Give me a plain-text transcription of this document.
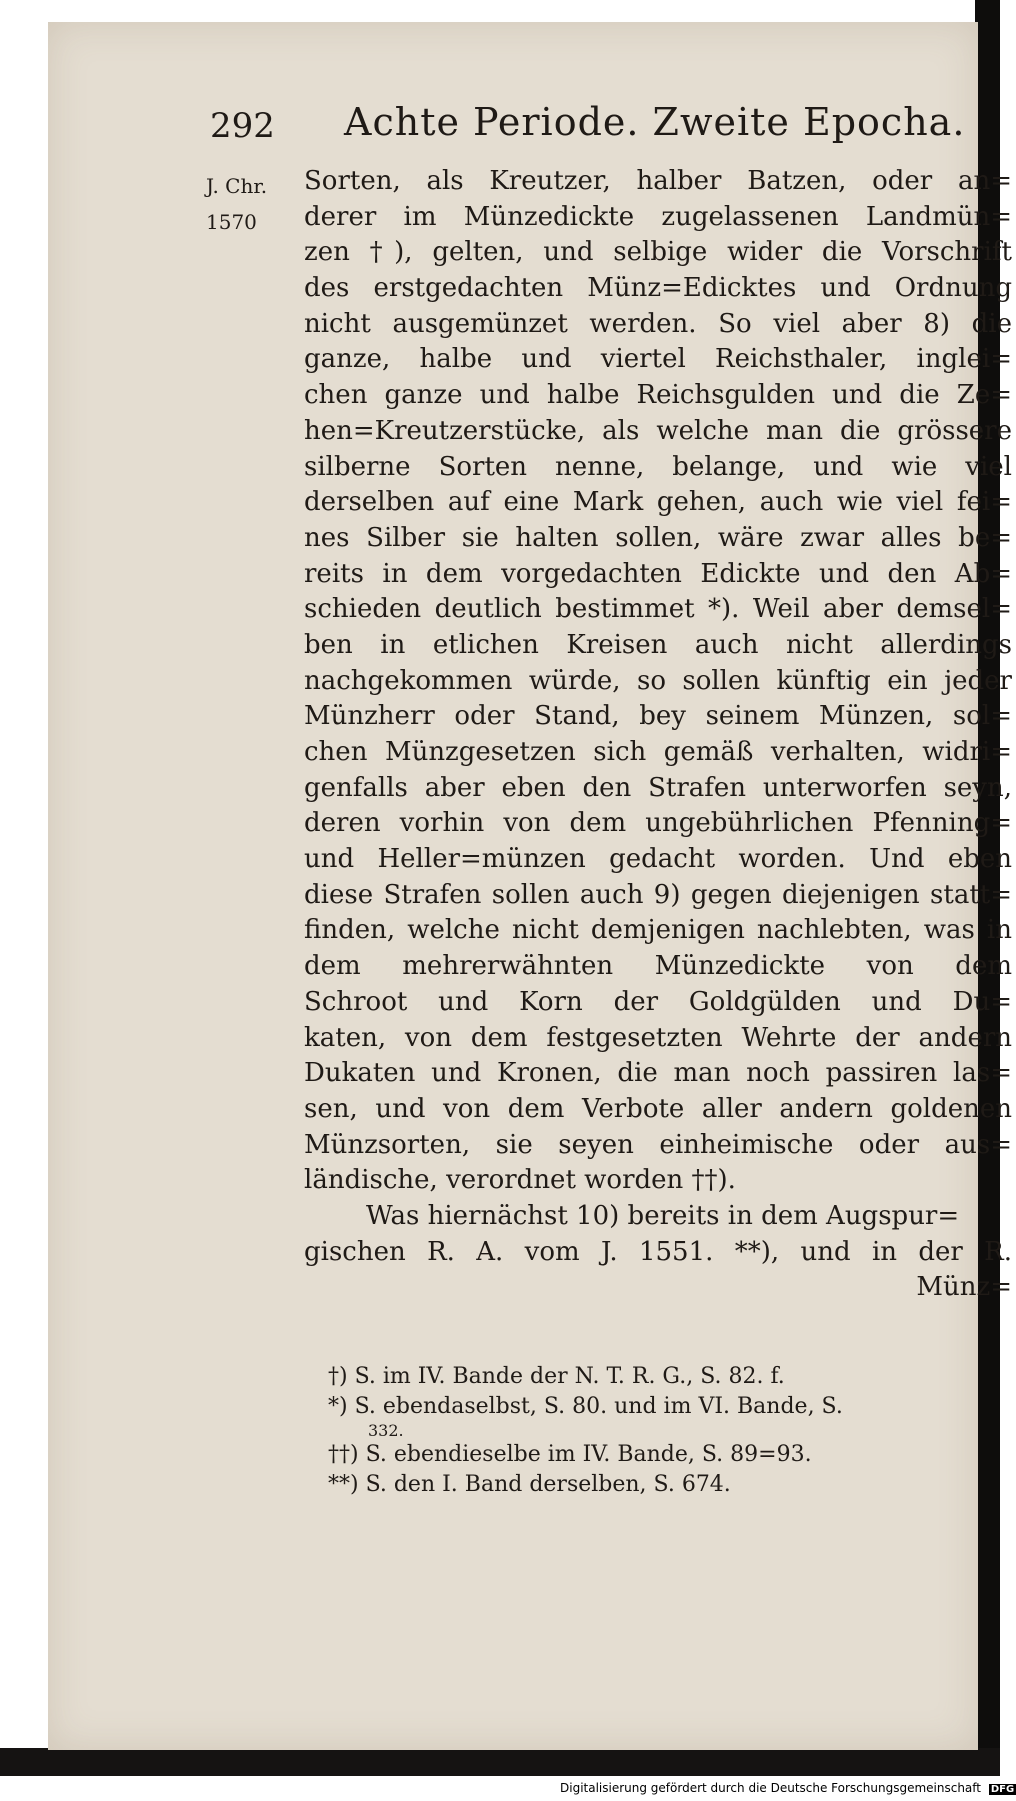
292 Achte Periode. Zweite Epocha.
J. Chr.
1570
Sorten, als Kreutzer, halber Batzen, oder an=
derer im Münzedickte zugelassenen Landmün=
zen †), gelten, und selbige wider die Vorschrift
des erstgedachten Münz=Edicktes und Ordnung
nicht ausgemünzet werden. So viel aber 8) die
ganze, halbe und viertel Reichsthaler, inglei=
chen ganze und halbe Reichsgulden und die Ze=
hen=Kreutzerstücke, als welche man die grössere
silberne Sorten nenne, belange, und wie viel
derselben auf eine Mark gehen, auch wie viel fei=
nes Silber sie halten sollen, wäre zwar alles be=
reits in dem vorgedachten Edickte und den Ab=
schieden deutlich bestimmet *). Weil aber demsel=
ben in etlichen Kreisen auch nicht allerdings
nachgekommen würde, so sollen künftig ein jeder
Münzherr oder Stand, bey seinem Münzen, sol=
chen Münzgesetzen sich gemäß verhalten, widri=
genfalls aber eben den Strafen unterworfen seyn,
deren vorhin von dem ungebührlichen Pfenning=
und Heller=münzen gedacht worden. Und eben
diese Strafen sollen auch 9) gegen diejenigen statt=
finden, welche nicht demjenigen nachlebten, was in
dem mehrerwähnten Münzedickte von dem
Schroot und Korn der Goldgülden und Du=
katen, von dem festgesetzten Wehrte der andern
Dukaten und Kronen, die man noch passiren las=
sen, und von dem Verbote aller andern goldenen
Münzsorten, sie seyen einheimische oder aus=
ländische, verordnet worden ††).
Was hiernächst 10) bereits in dem Augspur=
gischen R. A. vom J. 1551. **), und in der R.
Münz=
†) S. im IV. Bande der N. T. R. G., S. 82. f.
*) S. ebendaselbst, S. 80. und im VI. Bande, S.
332.
††) S. ebendieselbe im IV. Bande, S. 89=93.
**) S. den I. Band derselben, S. 674.
Digitalisierung gefördert durch die Deutsche Forschungsgemeinschaft DFG
